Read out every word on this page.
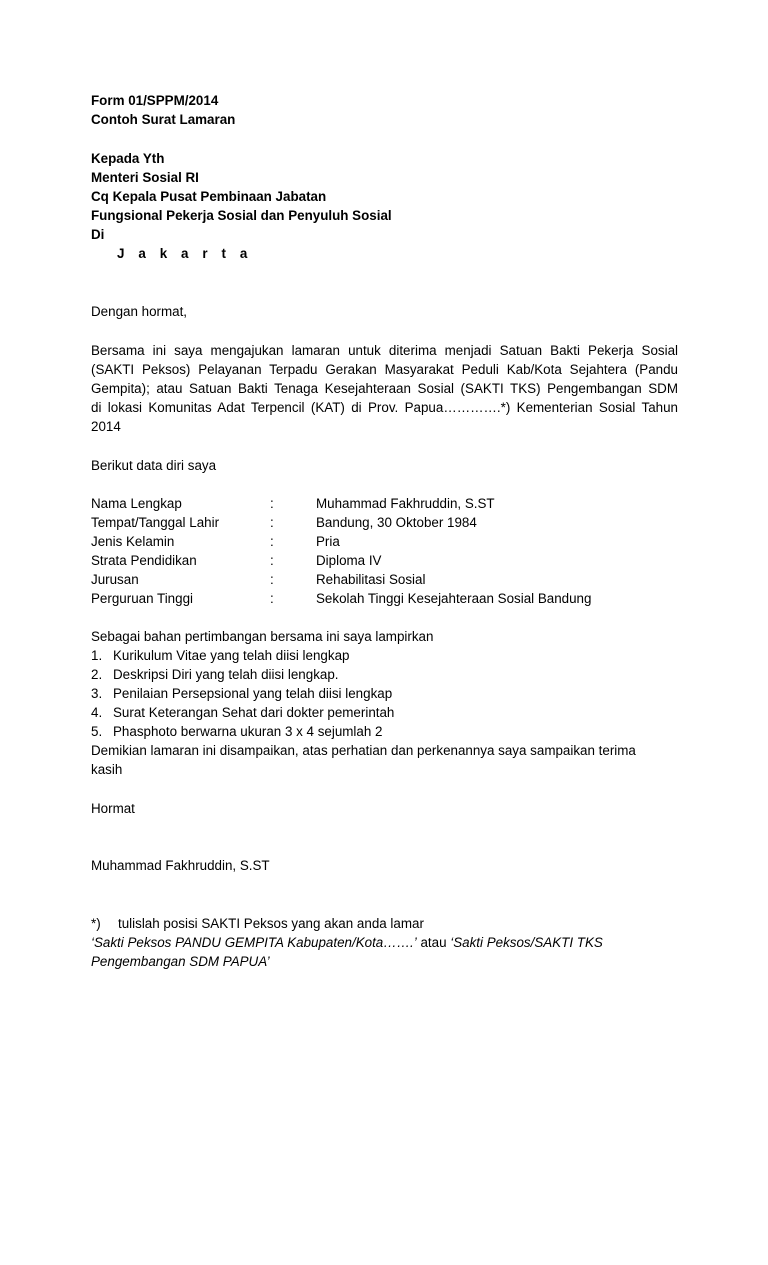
Form 01/SPPM/2014
Contoh Surat Lamaran
Kepada Yth
Menteri Sosial RI
Cq Kepala Pusat Pembinaan Jabatan
Fungsional Pekerja Sosial dan Penyuluh Sosial
Di
J a k a r t a
Dengan hormat,
Bersama ini saya mengajukan lamaran untuk diterima menjadi Satuan Bakti Pekerja Sosial
(SAKTI Peksos) Pelayanan Terpadu Gerakan Masyarakat Peduli Kab/Kota Sejahtera (Pandu
Gempita); atau Satuan Bakti Tenaga Kesejahteraan Sosial (SAKTI TKS) Pengembangan SDM
di lokasi Komunitas Adat Terpencil (KAT) di Prov. Papua………….*) Kementerian Sosial Tahun
2014
Berikut data diri saya
Nama Lengkap	:	Muhammad Fakhruddin, S.ST
Tempat/Tanggal Lahir	:	Bandung, 30 Oktober 1984
Jenis Kelamin	:	Pria
Strata Pendidikan	:	Diploma IV
Jurusan	:	Rehabilitasi Sosial
Perguruan Tinggi	:	Sekolah Tinggi Kesejahteraan Sosial Bandung
Sebagai bahan pertimbangan bersama ini saya lampirkan
1. Kurikulum Vitae yang telah diisi lengkap
2. Deskripsi Diri yang telah diisi lengkap.
3. Penilaian Persepsional yang telah diisi lengkap
4. Surat Keterangan Sehat dari dokter pemerintah
5. Phasphoto berwarna ukuran 3 x 4 sejumlah 2
Demikian lamaran ini disampaikan, atas perhatian dan perkenannya saya sampaikan terima
kasih
Hormat
Muhammad Fakhruddin, S.ST
*) tulislah posisi SAKTI Peksos yang akan anda lamar
‘Sakti Peksos PANDU GEMPITA Kabupaten/Kota…….’ atau ‘Sakti Peksos/SAKTI TKS
Pengembangan SDM PAPUA’
